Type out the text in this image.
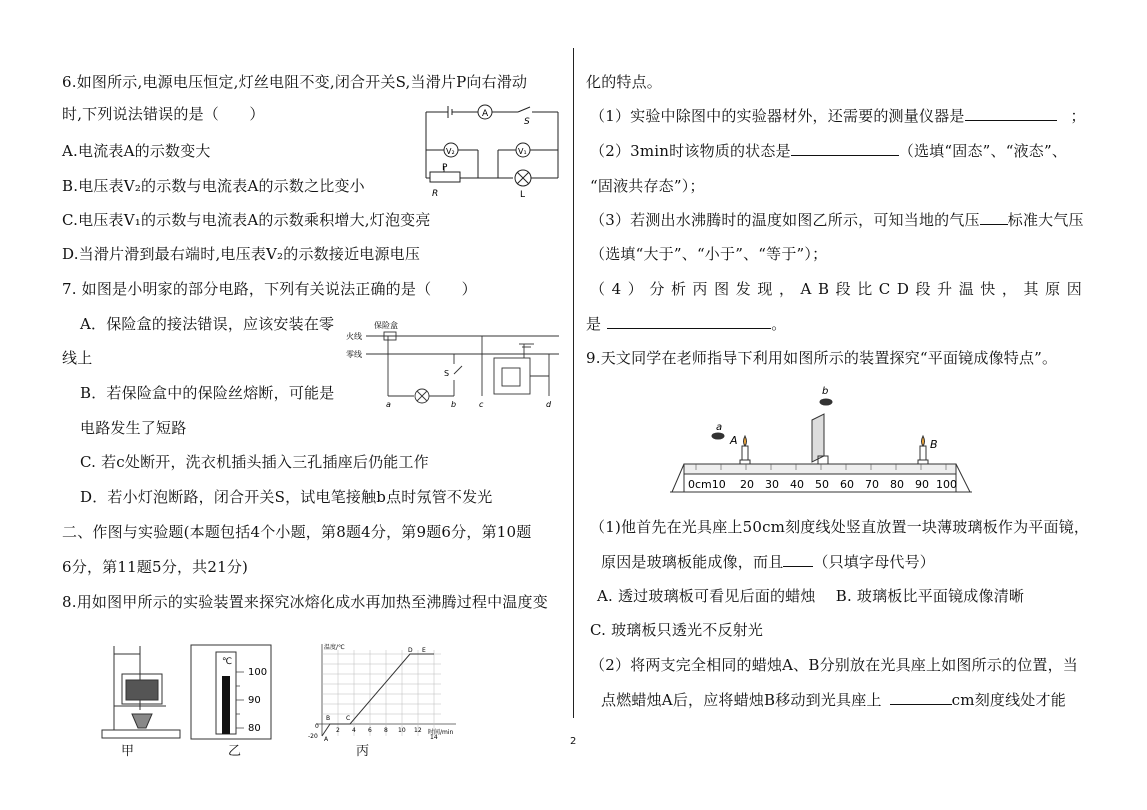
6.如图所示,电源电压恒定,灯丝电阻不变,闭合开关S,当滑片P向右滑动
时,下列说法错误的是（　　）
A.电流表A的示数变大
B.电压表V₂的示数与电流表A的示数之比变小
C.电压表V₁的示数与电流表A的示数乘积增大,灯泡变亮
D.当滑片滑到最右端时,电压表V₂的示数接近电源电压
A
S
V₂	V₁
P
R	L
7. 如图是小明家的部分电路，下列有关说法正确的是（　　）
A．保险盒的接法错误，应该安装在零
线上
B．若保险盒中的保险丝熔断，可能是
电路发生了短路
C. 若c处断开，洗衣机插头插入三孔插座后仍能工作
D．若小灯泡断路，闭合开关S，试电笔接触b点时氖管不发光
火线
零线
保险盒
a	b	c	d
S
二、作图与实验题(本题包括4个小题，第8题4分，第9题6分，第10题
6分，第11题5分，共21分)
8.用如图甲所示的实验装置来探究冰熔化成水再加热至沸腾过程中温度变
甲
℃
100
90
80
乙
温度/℃
时间/min
D E
B	C
A
0
-20
2 4 6 8 10 12
14
丙
化的特点。
（1）实验中除图中的实验器材外，还需要的测量仪器是	；
（2）3min时该物质的状态是	（选填“固态”、“液态”、
“固液共存态”）；
（3）若测出水沸腾时的温度如图乙所示，可知当地的气压 标准大气压
（选填“大于”、“小于”、“等于”）；
（4）分析丙图发现，AB段比CD段升温快，其原因
是	。
9.天文同学在老师指导下利用如图所示的装置探究“平面镜成像特点”。
a
b
A	B
0cm10 20 30 40 50 60 70 80 90 100
（1)他首先在光具座上50cm刻度线处竖直放置一块薄玻璃板作为平面镜，
原因是玻璃板能成像，而且 （只填字母代号）
A. 透过玻璃板可看见后面的蜡烛　 B. 玻璃板比平面镜成像清晰
C. 玻璃板只透光不反射光
（2）将两支完全相同的蜡烛A、B分别放在光具座上如图所示的位置，当
点燃蜡烛A后，应将蜡烛B移动到光具座上	cm刻度线处才能
2
